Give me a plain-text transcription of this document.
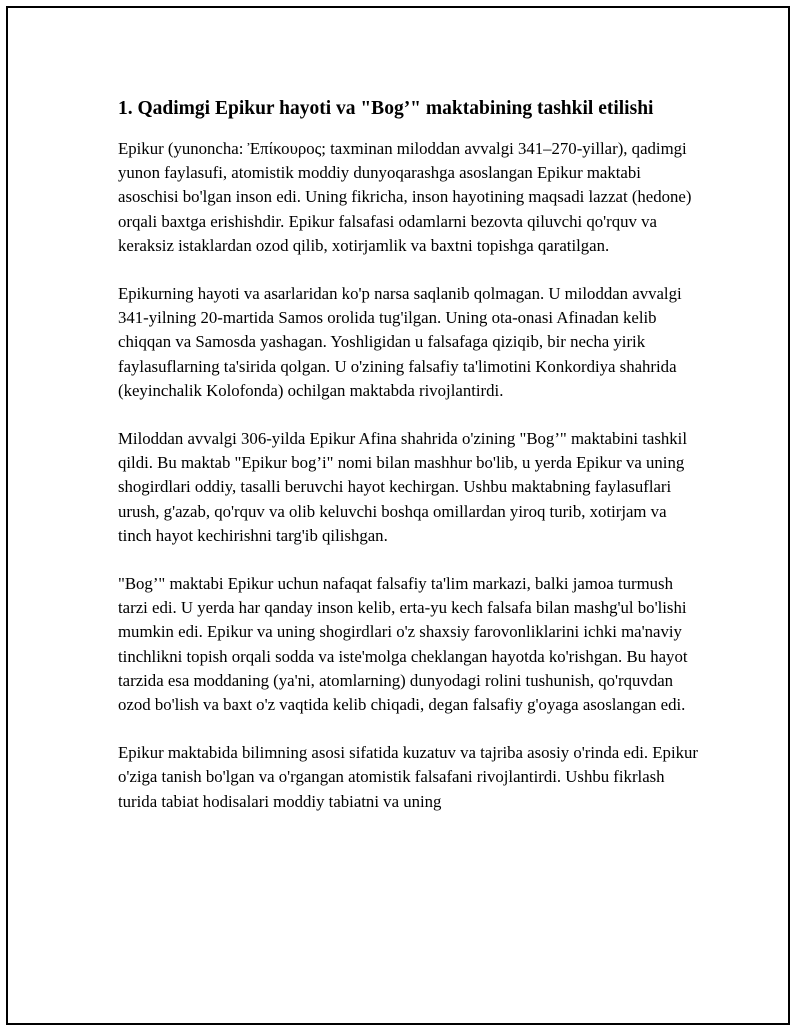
1. Qadimgi Epikur hayoti va "Bog’" maktabining tashkil etilishi

Epikur (yunoncha: Ἐπίκουρος; taxminan miloddan avvalgi 341–270-yillar), qadimgi yunon faylasufi, atomistik moddiy dunyoqarashga asoslangan Epikur maktabi asoschisi bo'lgan inson edi. Uning fikricha, inson hayotining maqsadi lazzat (hedone) orqali baxtga erishishdir. Epikur falsafasi odamlarni bezovta qiluvchi qo'rquv va keraksiz istaklardan ozod qilib, xotirjamlik va baxtni topishga qaratilgan.

Epikurning hayoti va asarlaridan ko'p narsa saqlanib qolmagan. U miloddan avvalgi 341-yilning 20-martida Samos orolida tug'ilgan. Uning ota-onasi Afinadan kelib chiqqan va Samosda yashagan. Yoshligidan u falsafaga qiziqib, bir necha yirik faylasuflarning ta'sirida qolgan. U o'zining falsafiy ta'limotini Konkordiya shahrida (keyinchalik Kolofonda) ochilgan maktabda rivojlantirdi.

Miloddan avvalgi 306-yilda Epikur Afina shahrida o'zining "Bog’" maktabini tashkil qildi. Bu maktab "Epikur bog’i" nomi bilan mashhur bo'lib, u yerda Epikur va uning shogirdlari oddiy, tasalli beruvchi hayot kechirgan. Ushbu maktabning faylasuflari urush, g'azab, qo'rquv va olib keluvchi boshqa omillardan yiroq turib, xotirjam va tinch hayot kechirishni targ'ib qilishgan.

"Bog’" maktabi Epikur uchun nafaqat falsafiy ta'lim markazi, balki jamoa turmush tarzi edi. U yerda har qanday inson kelib, erta-yu kech falsafa bilan mashg'ul bo'lishi mumkin edi. Epikur va uning shogirdlari o'z shaxsiy farovonliklarini ichki ma'naviy tinchlikni topish orqali sodda va iste'molga cheklangan hayotda ko'rishgan. Bu hayot tarzida esa moddaning (ya'ni, atomlarning) dunyodagi rolini tushunish, qo'rquvdan ozod bo'lish va baxt o'z vaqtida kelib chiqadi, degan falsafiy g'oyaga asoslangan edi.

Epikur maktabida bilimning asosi sifatida kuzatuv va tajriba asosiy o'rinda edi. Epikur o'ziga tanish bo'lgan va o'rgangan atomistik falsafani rivojlantirdi. Ushbu fikrlash turida tabiat hodisalari moddiy tabiatni va uning
